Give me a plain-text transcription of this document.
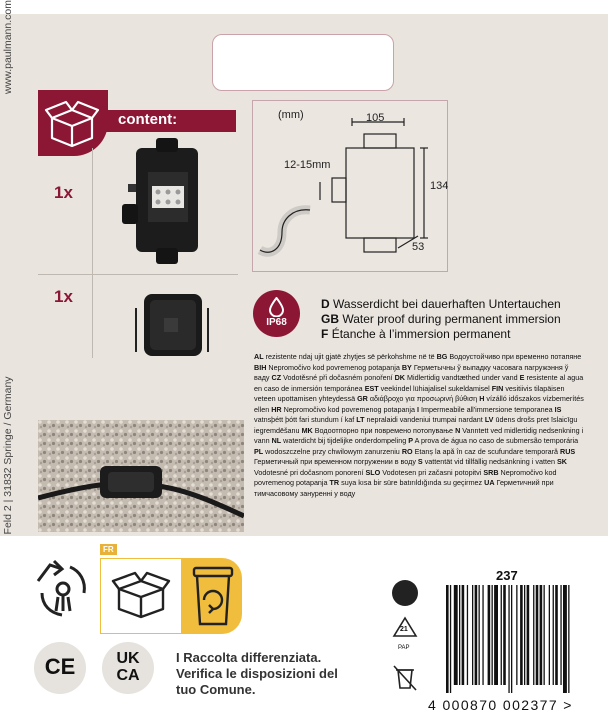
www.paulmann.com
content:
1x
1x
(mm)	105
134
53
12-15mm
IP68
D Wasserdicht bei dauerhaften Untertauchen
GB Water proof during permanent immersion
F Étanche à l’immersion permanent
AL rezistente ndaj ujit gjatë zhytjes së përkohshme në të BG Водоустойчиво при временно потапяне BIH Nepromočivo kod povremenog potapanja BY Герметычны ў выпадку часовага пагружэння ў ваду CZ Vodotěsné při dočasném ponoření DK Midlertidig vandtæthed under vand E resistente al agua en caso de inmersión temporánea EST veekindel lühiajalisel sukeldamisel FIN vesitiivis tilapäisen veteen upottamisen yhteydessä GR αδιάβροχο για προσωρινή βύθιση H vízálló időszakos vízbemerítés ellen HR Nepromočivo kod povremenog potapanja I Impermeabile all'immersione temporanea IS vatnsþétt þótt fari stundum í kaf LT nepralaidi vandeniui trumpai nardant LV ūdens drošs pret īslaicīgu iegremdēšanu MK Водоотпорно при повремено потопување N Vanntett ved midlertidig nedsenkning i vann NL waterdicht bij tijdelijke onderdompeling P A prova de água no caso de submersão temporária PL wodoszczelne przy chwilowym zanurzeniu RO Etanș la apă în caz de scufundare temporară RUS Герметичный при временном погружении в воду S vattentät vid tillfällig nedsänkning i vatten SK Vodotesné pri dočasnom ponorení SLO Vodotesen pri začasni potopitvi SRB Nepromočivo kod povremenog potapanja TR suya kısa bir süre batırıldığında su geçirmez UA Герметичний при тимчасовому зануренні у воду
FR
CE	UK
CA
I Raccolta differenziata.
Verifica le disposizioni del
tuo Comune.
237
21
PAP
4 000870 002377 >
